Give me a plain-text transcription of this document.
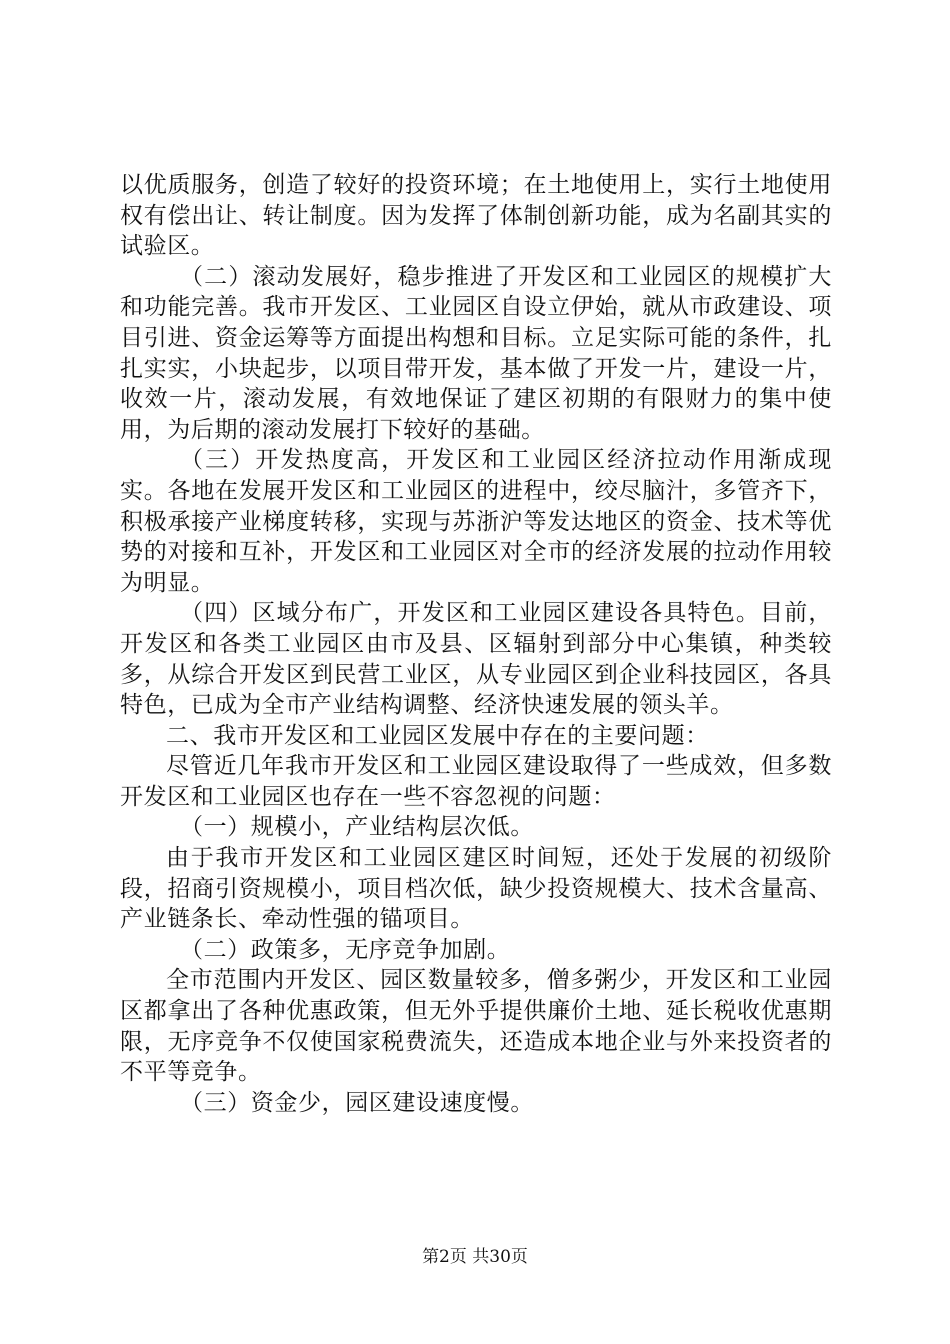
以优质服务，创造了较好的投资环境；在土地使用上，实行土地使用权有偿出让、转让制度。因为发挥了体制创新功能，成为名副其实的试验区。

（二）滚动发展好，稳步推进了开发区和工业园区的规模扩大和功能完善。我市开发区、工业园区自设立伊始，就从市政建设、项目引进、资金运筹等方面提出构想和目标。立足实际可能的条件，扎扎实实，小块起步，以项目带开发，基本做了开发一片，建设一片，收效一片，滚动发展，有效地保证了建区初期的有限财力的集中使用，为后期的滚动发展打下较好的基础。

（三）开发热度高，开发区和工业园区经济拉动作用渐成现实。各地在发展开发区和工业园区的进程中，绞尽脑汁，多管齐下，积极承接产业梯度转移，实现与苏浙沪等发达地区的资金、技术等优势的对接和互补，开发区和工业园区对全市的经济发展的拉动作用较为明显。

（四）区域分布广，开发区和工业园区建设各具特色。目前，开发区和各类工业园区由市及县、区辐射到部分中心集镇，种类较多，从综合开发区到民营工业区，从专业园区到企业科技园区，各具特色，已成为全市产业结构调整、经济快速发展的领头羊。

二、我市开发区和工业园区发展中存在的主要问题：

尽管近几年我市开发区和工业园区建设取得了一些成效，但多数开发区和工业园区也存在一些不容忽视的问题：

（一）规模小，产业结构层次低。

由于我市开发区和工业园区建区时间短，还处于发展的初级阶段，招商引资规模小，项目档次低，缺少投资规模大、技术含量高、产业链条长、牵动性强的锚项目。

（二）政策多，无序竞争加剧。

全市范围内开发区、园区数量较多，僧多粥少，开发区和工业园区都拿出了各种优惠政策，但无外乎提供廉价土地、延长税收优惠期限，无序竞争不仅使国家税费流失，还造成本地企业与外来投资者的不平等竞争。

（三）资金少，园区建设速度慢。

第2页 共30页
